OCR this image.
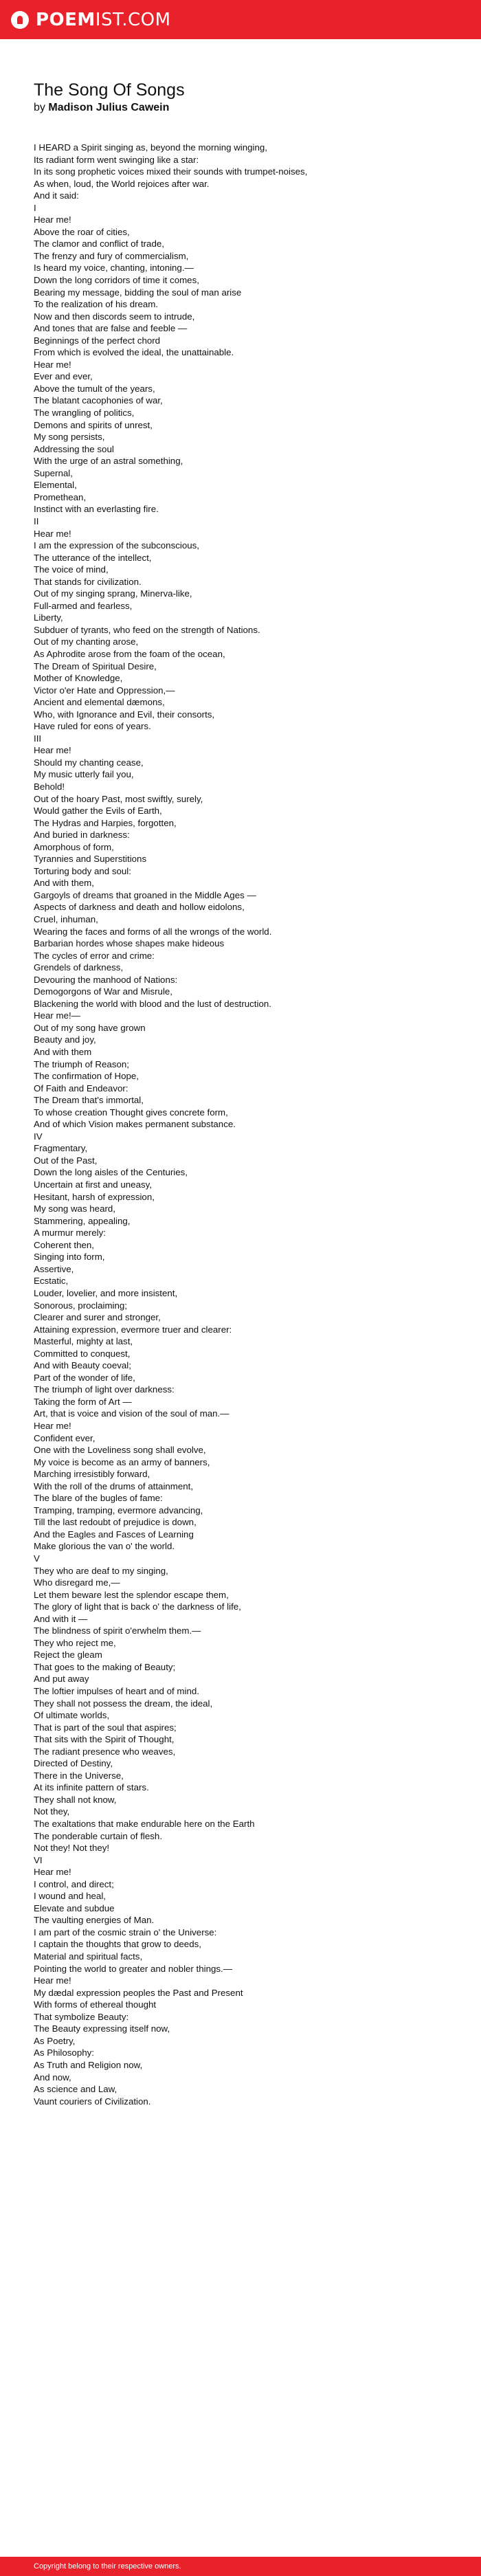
POEM IST.COM
The Song Of Songs
by Madison Julius Cawein
I HEARD a Spirit singing as, beyond the morning winging,
Its radiant form went swinging like a star:
In its song prophetic voices mixed their sounds with trumpet-noises,
As when, loud, the World rejoices after war.
And it said:
I
Hear me!
Above the roar of cities,
The clamor and conflict of trade,
The frenzy and fury of commercialism,
Is heard my voice, chanting, intoning.—
Down the long corridors of time it comes,
Bearing my message, bidding the soul of man arise
To the realization of his dream.
Now and then discords seem to intrude,
And tones that are false and feeble —
Beginnings of the perfect chord
From which is evolved the ideal, the unattainable.
Hear me!
Ever and ever,
Above the tumult of the years,
The blatant cacophonies of war,
The wrangling of politics,
Demons and spirits of unrest,
My song persists,
Addressing the soul
With the urge of an astral something,
Supernal,
Elemental,
Promethean,
Instinct with an everlasting fire.
II
Hear me!
I am the expression of the subconscious,
The utterance of the intellect,
The voice of mind,
That stands for civilization.
Out of my singing sprang, Minerva-like,
Full-armed and fearless,
Liberty,
Subduer of tyrants, who feed on the strength of Nations.
Out of my chanting arose,
As Aphrodite arose from the foam of the ocean,
The Dream of Spiritual Desire,
Mother of Knowledge,
Victor o'er Hate and Oppression,—
Ancient and elemental dæmons,
Who, with Ignorance and Evil, their consorts,
Have ruled for eons of years.
III
Hear me!
Should my chanting cease,
My music utterly fail you,
Behold!
Out of the hoary Past, most swiftly, surely,
Would gather the Evils of Earth,
The Hydras and Harpies, forgotten,
And buried in darkness:
Amorphous of form,
Tyrannies and Superstitions
Torturing body and soul:
And with them,
Gargoyls of dreams that groaned in the Middle Ages —
Aspects of darkness and death and hollow eidolons,
Cruel, inhuman,
Wearing the faces and forms of all the wrongs of the world.
Barbarian hordes whose shapes make hideous
The cycles of error and crime:
Grendels of darkness,
Devouring the manhood of Nations:
Demogorgons of War and Misrule,
Blackening the world with blood and the lust of destruction.
Hear me!—
Out of my song have grown
Beauty and joy,
And with them
The triumph of Reason;
The confirmation of Hope,
Of Faith and Endeavor:
The Dream that's immortal,
To whose creation Thought gives concrete form,
And of which Vision makes permanent substance.
IV
Fragmentary,
Out of the Past,
Down the long aisles of the Centuries,
Uncertain at first and uneasy,
Hesitant, harsh of expression,
My song was heard,
Stammering, appealing,
A murmur merely:
Coherent then,
Singing into form,
Assertive,
Ecstatic,
Louder, lovelier, and more insistent,
Sonorous, proclaiming;
Clearer and surer and stronger,
Attaining expression, evermore truer and clearer:
Masterful, mighty at last,
Committed to conquest,
And with Beauty coeval;
Part of the wonder of life,
The triumph of light over darkness:
Taking the form of Art —
Art, that is voice and vision of the soul of man.—
Hear me!
Confident ever,
One with the Loveliness song shall evolve,
My voice is become as an army of banners,
Marching irresistibly forward,
With the roll of the drums of attainment,
The blare of the bugles of fame:
Tramping, tramping, evermore advancing,
Till the last redoubt of prejudice is down,
And the Eagles and Fasces of Learning
Make glorious the van o' the world.
V
They who are deaf to my singing,
Who disregard me,—
Let them beware lest the splendor escape them,
The glory of light that is back o' the darkness of life,
And with it —
The blindness of spirit o'erwhelm them.—
They who reject me,
Reject the gleam
That goes to the making of Beauty;
And put away
The loftier impulses of heart and of mind.
They shall not possess the dream, the ideal,
Of ultimate worlds,
That is part of the soul that aspires;
That sits with the Spirit of Thought,
The radiant presence who weaves,
Directed of Destiny,
There in the Universe,
At its infinite pattern of stars.
They shall not know,
Not they,
The exaltations that make endurable here on the Earth
The ponderable curtain of flesh.
Not they! Not they!
VI
Hear me!
I control, and direct;
I wound and heal,
Elevate and subdue
The vaulting energies of Man.
I am part of the cosmic strain o' the Universe:
I captain the thoughts that grow to deeds,
Material and spiritual facts,
Pointing the world to greater and nobler things.—
Hear me!
My dædal expression peoples the Past and Present
With forms of ethereal thought
That symbolize Beauty:
The Beauty expressing itself now,
As Poetry,
As Philosophy:
As Truth and Religion now,
And now,
As science and Law,
Vaunt couriers of Civilization.
Copyright belong to their respective owners.
